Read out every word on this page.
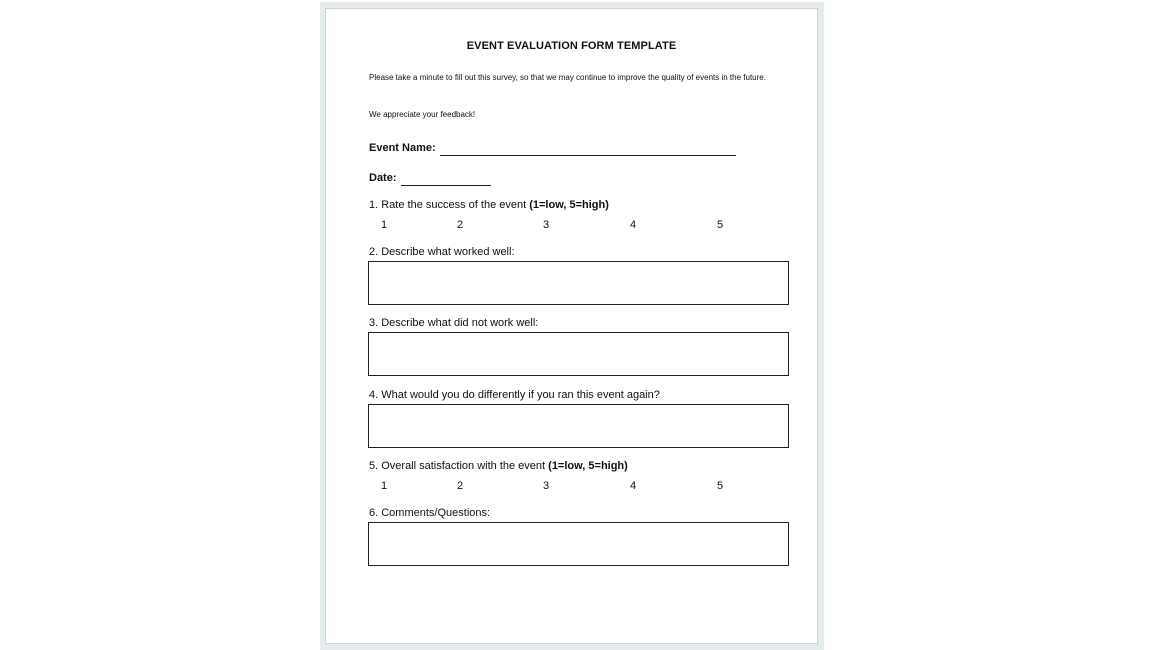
EVENT EVALUATION FORM TEMPLATE
Please take a minute to fill out this survey, so that we may continue to improve the quality of events in the future.
We appreciate your feedback!
Event Name:
Date:
1. Rate the success of the event (1=low, 5=high)
1	2	3	4	5
2. Describe what worked well:
3. Describe what did not work well:
4. What would you do differently if you ran this event again?
5. Overall satisfaction with the event (1=low, 5=high)
1	2	3	4	5
6. Comments/Questions:
